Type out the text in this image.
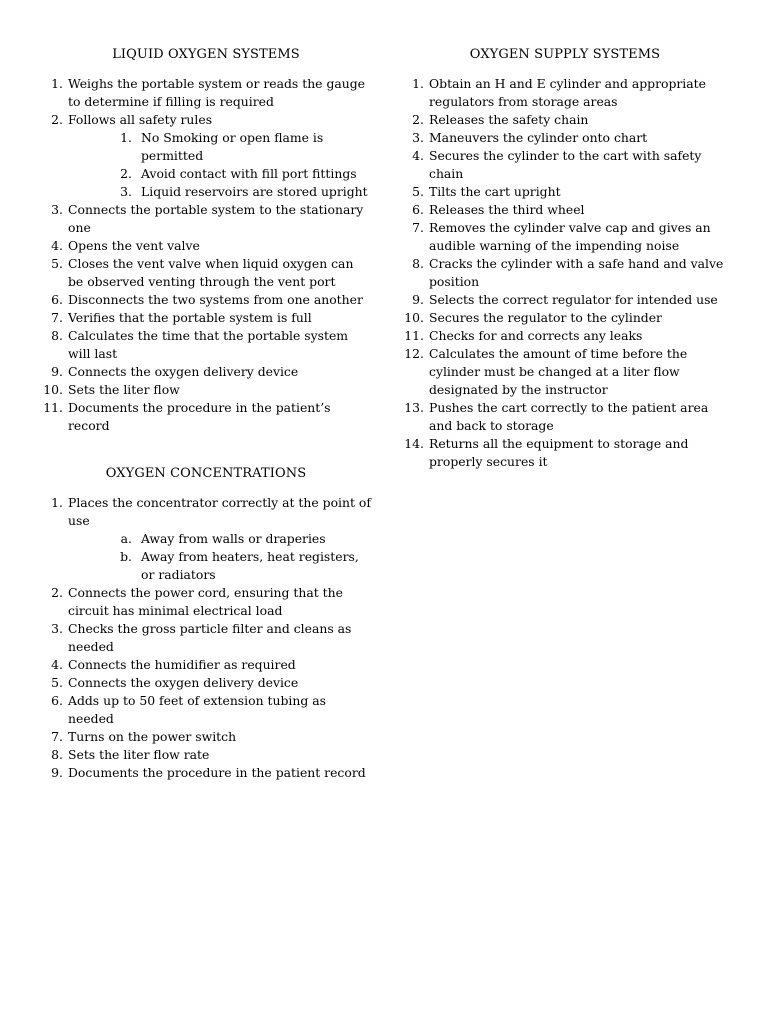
LIQUID OXYGEN SYSTEMS
1. Weighs the portable system or reads the gauge to determine if filling is required
2. Follows all safety rules
1. No Smoking or open flame is permitted
2. Avoid contact with fill port fittings
3. Liquid reservoirs are stored upright
3. Connects the portable system to the stationary one
4. Opens the vent valve
5. Closes the vent valve when liquid oxygen can be observed venting through the vent port
6. Disconnects the two systems from one another
7. Verifies that the portable system is full
8. Calculates the time that the portable system will last
9. Connects the oxygen delivery device
10. Sets the liter flow
11. Documents the procedure in the patient’s record
OXYGEN CONCENTRATIONS
1. Places the concentrator correctly at the point of use
a. Away from walls or draperies
b. Away from heaters, heat registers, or radiators
2. Connects the power cord, ensuring that the circuit has minimal electrical load
3. Checks the gross particle filter and cleans as needed
4. Connects the humidifier as required
5. Connects the oxygen delivery device
6. Adds up to 50 feet of extension tubing as needed
7. Turns on the power switch
8. Sets the liter flow rate
9. Documents the procedure in the patient record
OXYGEN SUPPLY SYSTEMS
1. Obtain an H and E cylinder and appropriate regulators from storage areas
2. Releases the safety chain
3. Maneuvers the cylinder onto chart
4. Secures the cylinder to the cart with safety chain
5. Tilts the cart upright
6. Releases the third wheel
7. Removes the cylinder valve cap and gives an audible warning of the impending noise
8. Cracks the cylinder with a safe hand and valve position
9. Selects the correct regulator for intended use
10. Secures the regulator to the cylinder
11. Checks for and corrects any leaks
12. Calculates the amount of time before the cylinder must be changed at a liter flow designated by the instructor
13. Pushes the cart correctly to the patient area and back to storage
14. Returns all the equipment to storage and properly secures it
